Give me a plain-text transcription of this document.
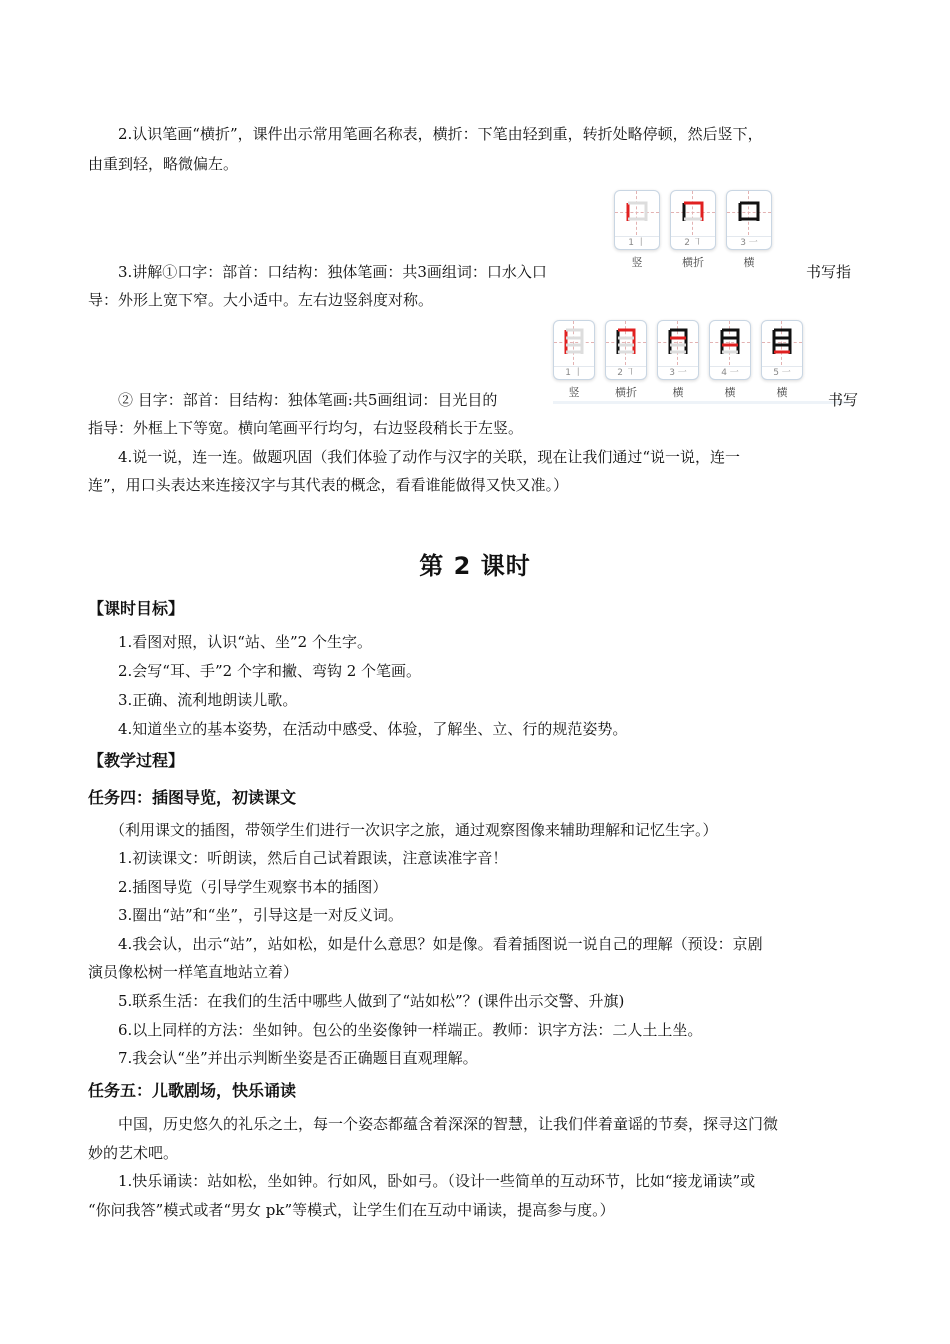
2.认识笔画“横折”，课件出示常用笔画名称表，横折：下笔由轻到重，转折处略停顿，然后竖下，
由重到轻，略微偏左。
1 丨
竖
2 ㇕
横折
3 一
横
3.讲解①口字：部首：口结构：独体笔画：共3画组词：口水入口	书写指
导：外形上宽下窄。大小适中。左右边竖斜度对称。
1 丨
竖
2 ㇕
横折
3 一
横
4 一
横
5 一
横
② 目字：部首：目结构：独体笔画:共5画组词：目光目的	书写
指导：外框上下等宽。横向笔画平行均匀，右边竖段稍长于左竖。
4.说一说，连一连。做题巩固（我们体验了动作与汉字的关联，现在让我们通过“说一说，连一
连”，用口头表达来连接汉字与其代表的概念，看看谁能做得又快又准。）
第 2 课时
【课时目标】
1.看图对照，认识“站、坐”2 个生字。
2.会写“耳、手”2 个字和撇、弯钩 2 个笔画。
3.正确、流利地朗读儿歌。
4.知道坐立的基本姿势，在活动中感受、体验，了解坐、立、行的规范姿势。
【教学过程】
任务四：插图导览，初读课文
（利用课文的插图，带领学生们进行一次识字之旅，通过观察图像来辅助理解和记忆生字。）
1.初读课文：听朗读，然后自己试着跟读，注意读准字音！
2.插图导览（引导学生观察书本的插图）
3.圈出“站”和“坐”，引导这是一对反义词。
4.我会认，出示“站”，站如松，如是什么意思？如是像。看着插图说一说自己的理解（预设：京剧
演员像松树一样笔直地站立着）
5.联系生活：在我们的生活中哪些人做到了“站如松”？(课件出示交警、升旗)
6.以上同样的方法：坐如钟。包公的坐姿像钟一样端正。教师：识字方法：二人土上坐。
7.我会认“坐”并出示判断坐姿是否正确题目直观理解。
任务五：儿歌剧场，快乐诵读
中国，历史悠久的礼乐之土，每一个姿态都蕴含着深深的智慧，让我们伴着童谣的节奏，探寻这门微
妙的艺术吧。
1.快乐诵读：站如松，坐如钟。行如风，卧如弓。（设计一些简单的互动环节，比如“接龙诵读”或
“你问我答”模式或者“男女 pk”等模式，让学生们在互动中诵读，提高参与度。）
